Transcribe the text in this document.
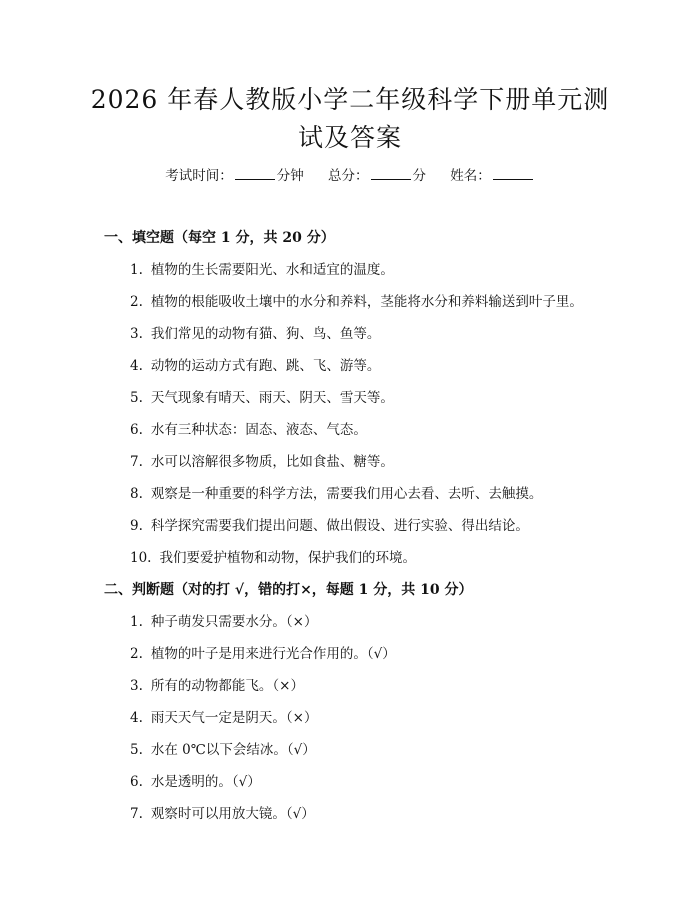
2026 年春人教版小学二年级科学下册单元测
试及答案
考试时间：	分钟 总分：	分 姓名：
一、填空题（每空 1 分，共 20 分）
1. 植物的生长需要阳光、水和适宜的温度。
2. 植物的根能吸收土壤中的水分和养料，茎能将水分和养料输送到叶子里。
3. 我们常见的动物有猫、狗、鸟、鱼等。
4. 动物的运动方式有跑、跳、飞、游等。
5. 天气现象有晴天、雨天、阴天、雪天等。
6. 水有三种状态：固态、液态、气态。
7. 水可以溶解很多物质，比如食盐、糖等。
8. 观察是一种重要的科学方法，需要我们用心去看、去听、去触摸。
9. 科学探究需要我们提出问题、做出假设、进行实验、得出结论。
10. 我们要爱护植物和动物，保护我们的环境。
二、判断题（对的打 √，错的打×，每题 1 分，共 10 分）
1. 种子萌发只需要水分。（×）
2. 植物的叶子是用来进行光合作用的。（√）
3. 所有的动物都能飞。（×）
4. 雨天天气一定是阴天。（×）
5. 水在 0℃以下会结冰。（√）
6. 水是透明的。（√）
7. 观察时可以用放大镜。（√）
